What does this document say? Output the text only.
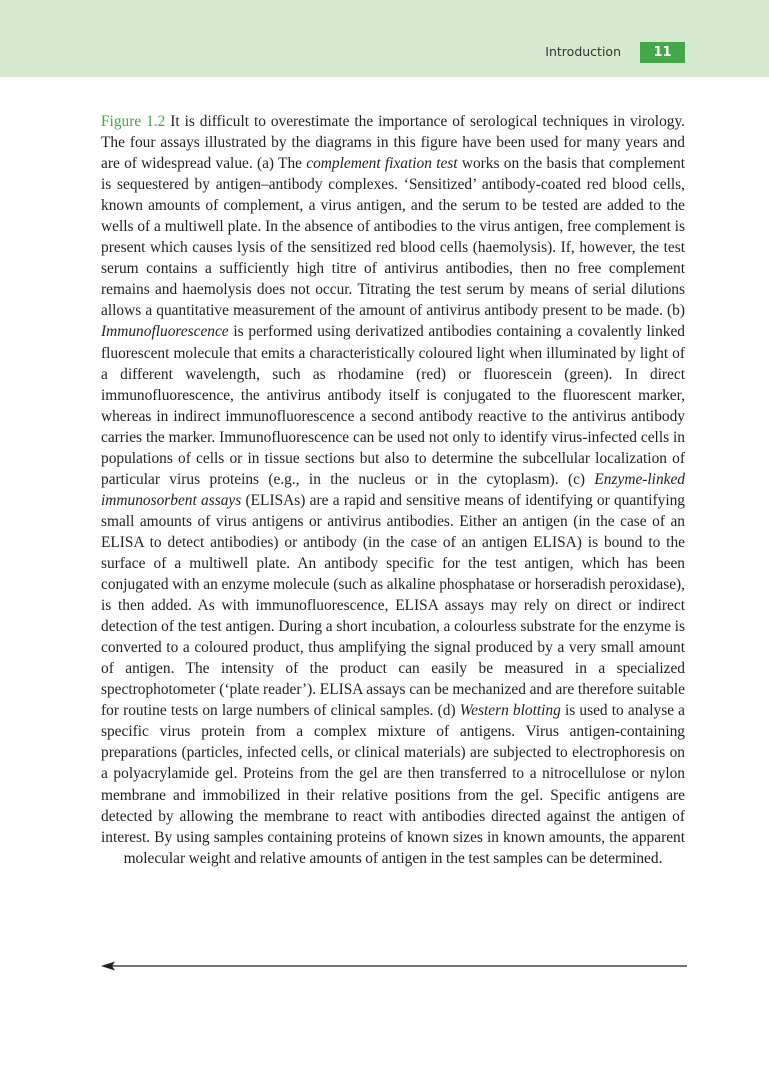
Introduction	11

Figure 1.2 It is difficult to overestimate the importance of serological techniques in virology. The four assays illustrated by the diagrams in this figure have been used for many years and are of widespread value. (a) The complement fixation test works on the basis that complement is sequestered by antigen–antibody complexes. ‘Sensitized’ antibody-coated red blood cells, known amounts of complement, a virus antigen, and the serum to be tested are added to the wells of a multiwell plate. In the absence of antibodies to the virus antigen, free complement is present which causes lysis of the sensitized red blood cells (haemolysis). If, however, the test serum contains a sufficiently high titre of antivirus antibodies, then no free complement remains and haemolysis does not occur. Titrating the test serum by means of serial dilutions allows a quantitative measurement of the amount of antivirus antibody present to be made. (b) Immunofluorescence is performed using derivatized antibodies containing a covalently linked fluorescent molecule that emits a characteristically coloured light when illuminated by light of a different wavelength, such as rhodamine (red) or fluorescein (green). In direct immunofluorescence, the antivirus antibody itself is conjugated to the fluorescent marker, whereas in indirect immunofluorescence a second antibody reactive to the antivirus antibody carries the marker. Immunofluorescence can be used not only to identify virus-infected cells in populations of cells or in tissue sections but also to determine the subcellular localization of particular virus proteins (e.g., in the nucleus or in the cytoplasm). (c) Enzyme-linked immunosorbent assays (ELISAs) are a rapid and sensitive means of identifying or quantifying small amounts of virus antigens or antivirus antibodies. Either an antigen (in the case of an ELISA to detect antibodies) or antibody (in the case of an antigen ELISA) is bound to the surface of a multiwell plate. An antibody specific for the test antigen, which has been conjugated with an enzyme molecule (such as alkaline phosphatase or horseradish peroxidase), is then added. As with immunofluorescence, ELISA assays may rely on direct or indirect detection of the test antigen. During a short incubation, a colourless substrate for the enzyme is converted to a coloured product, thus amplifying the signal produced by a very small amount of antigen. The intensity of the product can easily be measured in a specialized spectrophotometer (‘plate reader’). ELISA assays can be mechanized and are therefore suitable for routine tests on large numbers of clinical samples. (d) Western blotting is used to analyse a specific virus protein from a complex mixture of antigens. Virus antigen-containing preparations (particles, infected cells, or clinical materials) are subjected to electrophoresis on a polyacrylamide gel. Proteins from the gel are then transferred to a nitrocellulose or nylon membrane and immobilized in their relative positions from the gel. Specific antigens are detected by allowing the membrane to react with antibodies directed against the antigen of interest. By using samples containing proteins of known sizes in known amounts, the apparent molecular weight and relative amounts of antigen in the test samples can be determined.
